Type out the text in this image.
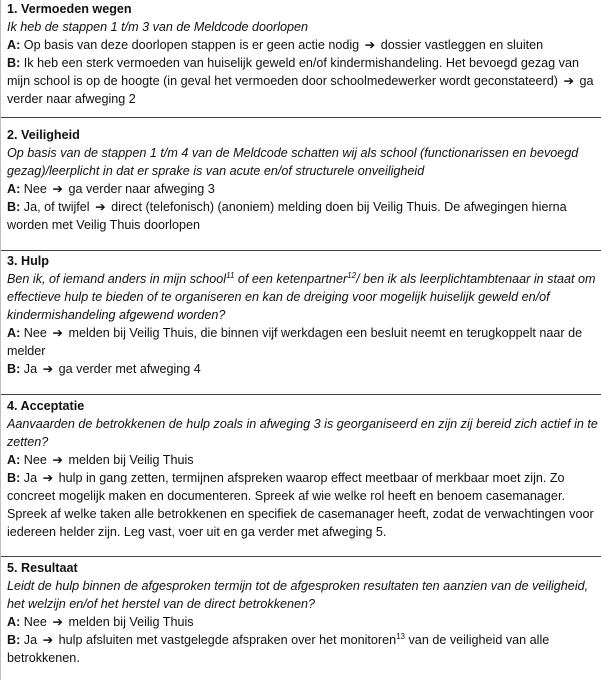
1. Vermoeden wegen
Ik heb de stappen 1 t/m 3 van de Meldcode doorlopen
A: Op basis van deze doorlopen stappen is er geen actie nodig ➔ dossier vastleggen en sluiten
B: Ik heb een sterk vermoeden van huiselijk geweld en/of kindermishandeling. Het bevoegd gezag van mijn school is op de hoogte (in geval het vermoeden door schoolmedewerker wordt geconstateerd) ➔ ga verder naar afweging 2
2. Veiligheid
Op basis van de stappen 1 t/m 4 van de Meldcode schatten wij als school (functionarissen en bevoegd gezag)/leerplicht in dat er sprake is van acute en/of structurele onveiligheid
A: Nee ➔ ga verder naar afweging 3
B: Ja, of twijfel ➔ direct (telefonisch) (anoniem) melding doen bij Veilig Thuis. De afwegingen hierna worden met Veilig Thuis doorlopen
3. Hulp
Ben ik, of iemand anders in mijn school$^{11}$ of een ketenpartner$^{12}$/ ben ik als leerplichtambtenaar in staat om effectieve hulp te bieden of te organiseren en kan de dreiging voor mogelijk huiselijk geweld en/of kindermishandeling afgewend worden?
A: Nee ➔ melden bij Veilig Thuis, die binnen vijf werkdagen een besluit neemt en terugkoppelt naar de melder
B: Ja ➔ ga verder met afweging 4
4. Acceptatie
Aanvaarden de betrokkenen de hulp zoals in afweging 3 is georganiseerd en zijn zij bereid zich actief in te zetten?
A: Nee ➔ melden bij Veilig Thuis
B: Ja ➔ hulp in gang zetten, termijnen afspreken waarop effect meetbaar of merkbaar moet zijn. Zo concreet mogelijk maken en documenteren. Spreek af wie welke rol heeft en benoem casemanager. Spreek af welke taken alle betrokkenen en specifiek de casemanager heeft, zodat de verwachtingen voor iedereen helder zijn. Leg vast, voer uit en ga verder met afweging 5.
5. Resultaat
Leidt de hulp binnen de afgesproken termijn tot de afgesproken resultaten ten aanzien van de veiligheid, het welzijn en/of het herstel van de direct betrokkenen?
A: Nee ➔ melden bij Veilig Thuis
B: Ja ➔ hulp afsluiten met vastgelegde afspraken over het monitoren$^{13}$ van de veiligheid van alle betrokkenen.
